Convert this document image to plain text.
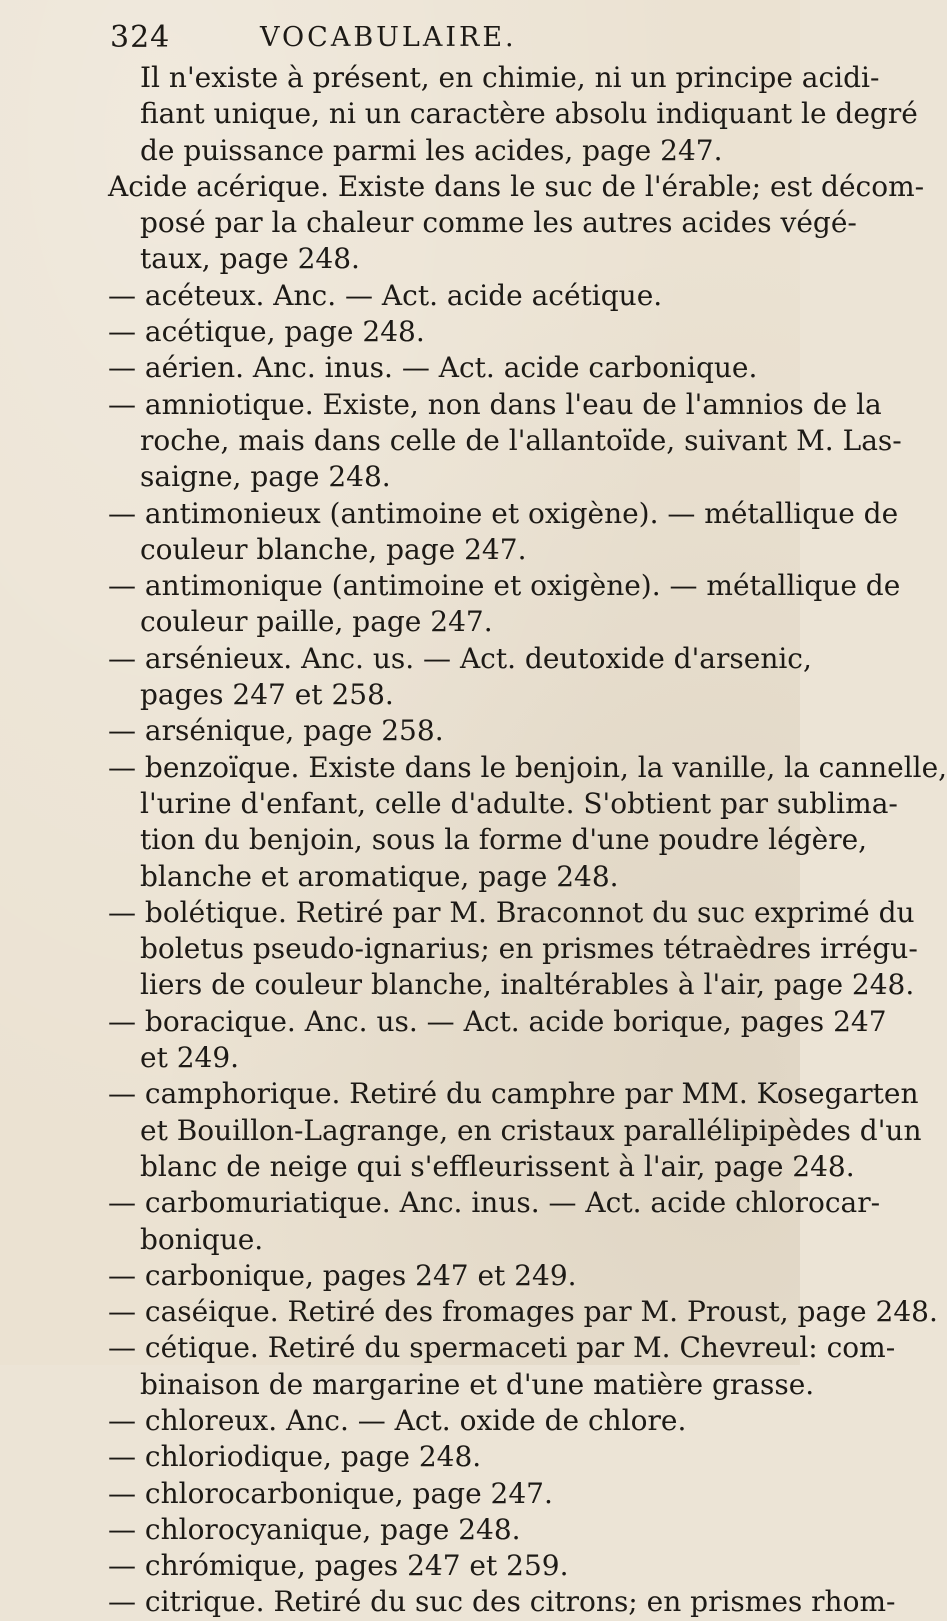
324	VOCABULAIRE.
Il n'existe à présent, en chimie, ni un principe acidi-
fiant unique, ni un caractère absolu indiquant le degré
de puissance parmi les acides, page 247.
Acide acérique. Existe dans le suc de l'érable; est décom-
posé par la chaleur comme les autres acides végé-
taux, page 248.
— acéteux. Anc. — Act. acide acétique.
— acétique, page 248.
— aérien. Anc. inus. — Act. acide carbonique.
— amniotique. Existe, non dans l'eau de l'amnios de la
roche, mais dans celle de l'allantoïde, suivant M. Las-
saigne, page 248.
— antimonieux (antimoine et oxigène). — métallique de
couleur blanche, page 247.
— antimonique (antimoine et oxigène). — métallique de
couleur paille, page 247.
— arsénieux. Anc. us. — Act. deutoxide d'arsenic,
pages 247 et 258.
— arsénique, page 258.
— benzoïque. Existe dans le benjoin, la vanille, la cannelle,
l'urine d'enfant, celle d'adulte. S'obtient par sublima-
tion du benjoin, sous la forme d'une poudre légère,
blanche et aromatique, page 248.
— bolétique. Retiré par M. Braconnot du suc exprimé du
boletus pseudo-ignarius; en prismes tétraèdres irrégu-
liers de couleur blanche, inaltérables à l'air, page 248.
— boracique. Anc. us. — Act. acide borique, pages 247
et 249.
— camphorique. Retiré du camphre par MM. Kosegarten
et Bouillon-Lagrange, en cristaux parallélipipèdes d'un
blanc de neige qui s'effleurissent à l'air, page 248.
— carbomuriatique. Anc. inus. — Act. acide chlorocar-
bonique.
— carbonique, pages 247 et 249.
— caséique. Retiré des fromages par M. Proust, page 248.
— cétique. Retiré du spermaceti par M. Chevreul: com-
binaison de margarine et d'une matière grasse.
— chloreux. Anc. — Act. oxide de chlore.
— chloriodique, page 248.
— chlorocarbonique, page 247.
— chlorocyanique, page 248.
— chrómique, pages 247 et 259.
— citrique. Retiré du suc des citrons; en prismes rhom-
